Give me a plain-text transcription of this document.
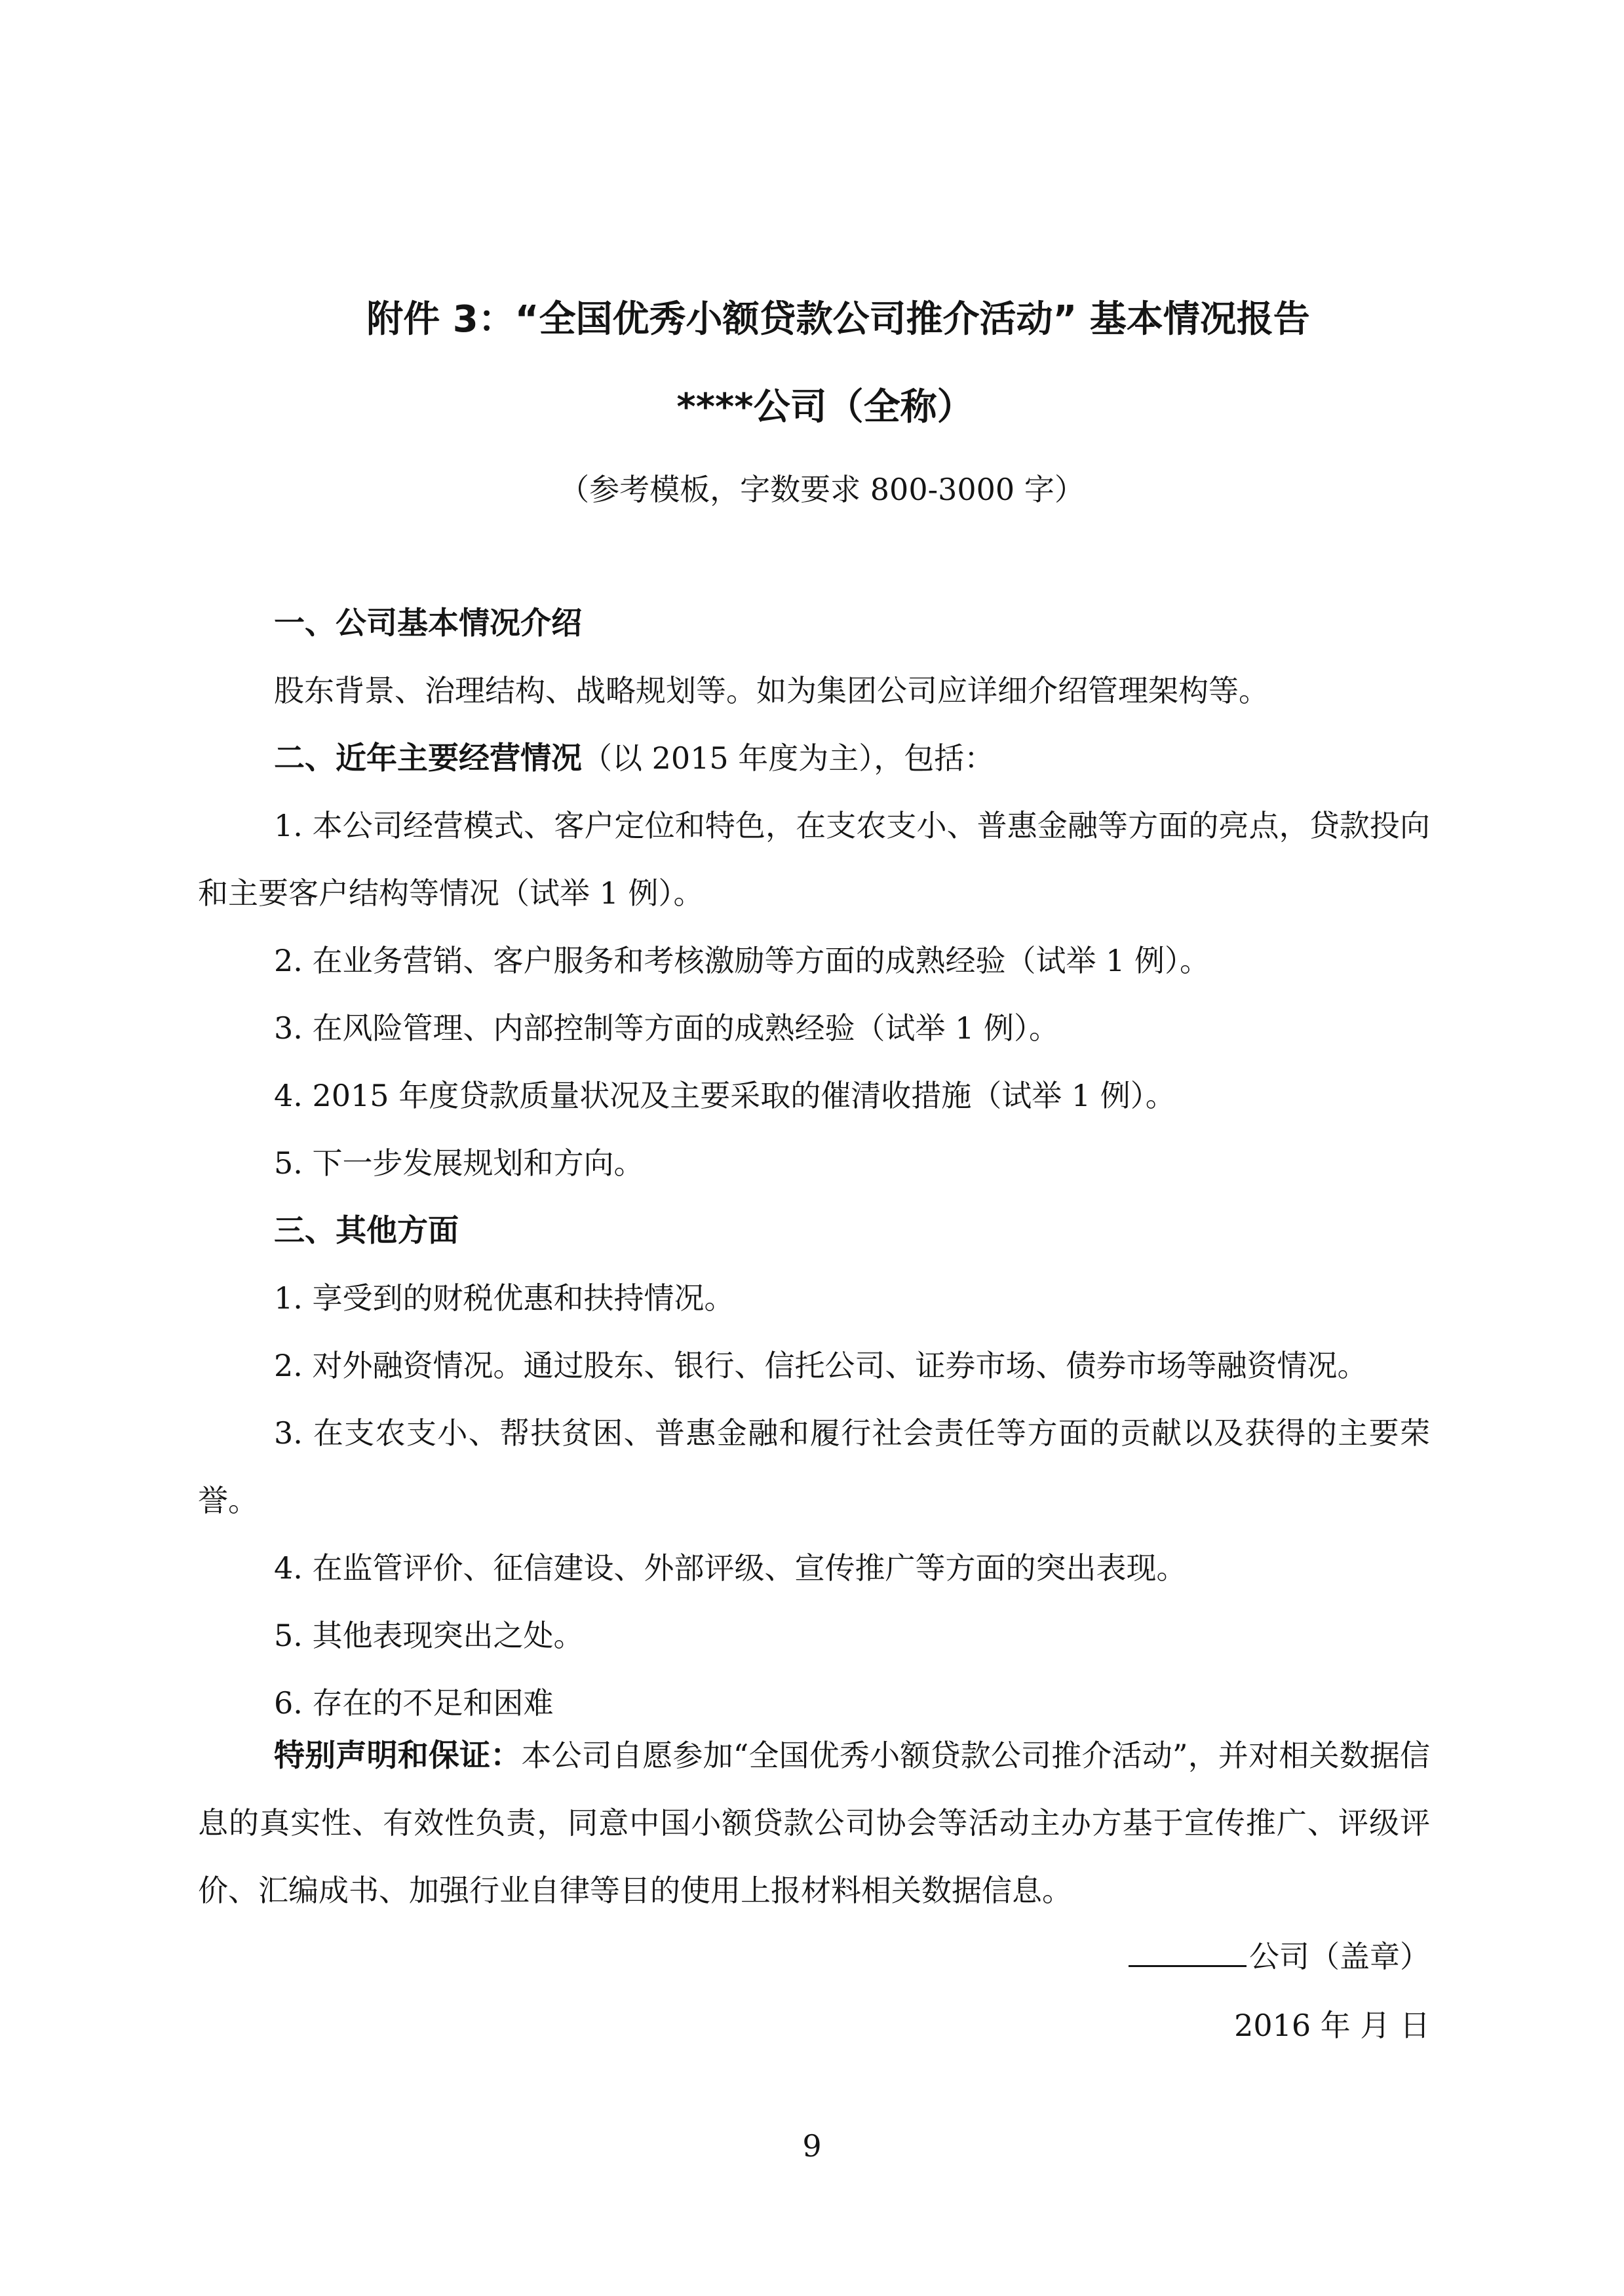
附件 3：“全国优秀小额贷款公司推介活动” 基本情况报告
****公司（全称）
（参考模板，字数要求 800-3000 字）

一、公司基本情况介绍

股东背景、治理结构、战略规划等。如为集团公司应详细介绍管理架构等。

二、近年主要经营情况（以 2015 年度为主），包括：

1. 本公司经营模式、客户定位和特色，在支农支小、普惠金融等方面的亮点，贷款投向和主要客户结构等情况（试举 1 例）。

2. 在业务营销、客户服务和考核激励等方面的成熟经验（试举 1 例）。

3. 在风险管理、内部控制等方面的成熟经验（试举 1 例）。

4. 2015 年度贷款质量状况及主要采取的催清收措施（试举 1 例）。

5. 下一步发展规划和方向。

三、其他方面

1. 享受到的财税优惠和扶持情况。

2. 对外融资情况。通过股东、银行、信托公司、证券市场、债券市场等融资情况。

3. 在支农支小、帮扶贫困、普惠金融和履行社会责任等方面的贡献以及获得的主要荣誉。

4. 在监管评价、征信建设、外部评级、宣传推广等方面的突出表现。

5. 其他表现突出之处。

6. 存在的不足和困难

特别声明和保证：本公司自愿参加“全国优秀小额贷款公司推介活动”，并对相关数据信息的真实性、有效性负责，同意中国小额贷款公司协会等活动主办方基于宣传推广、评级评价、汇编成书、加强行业自律等目的使用上报材料相关数据信息。

公司（盖章）
2016 年 月 日
9
